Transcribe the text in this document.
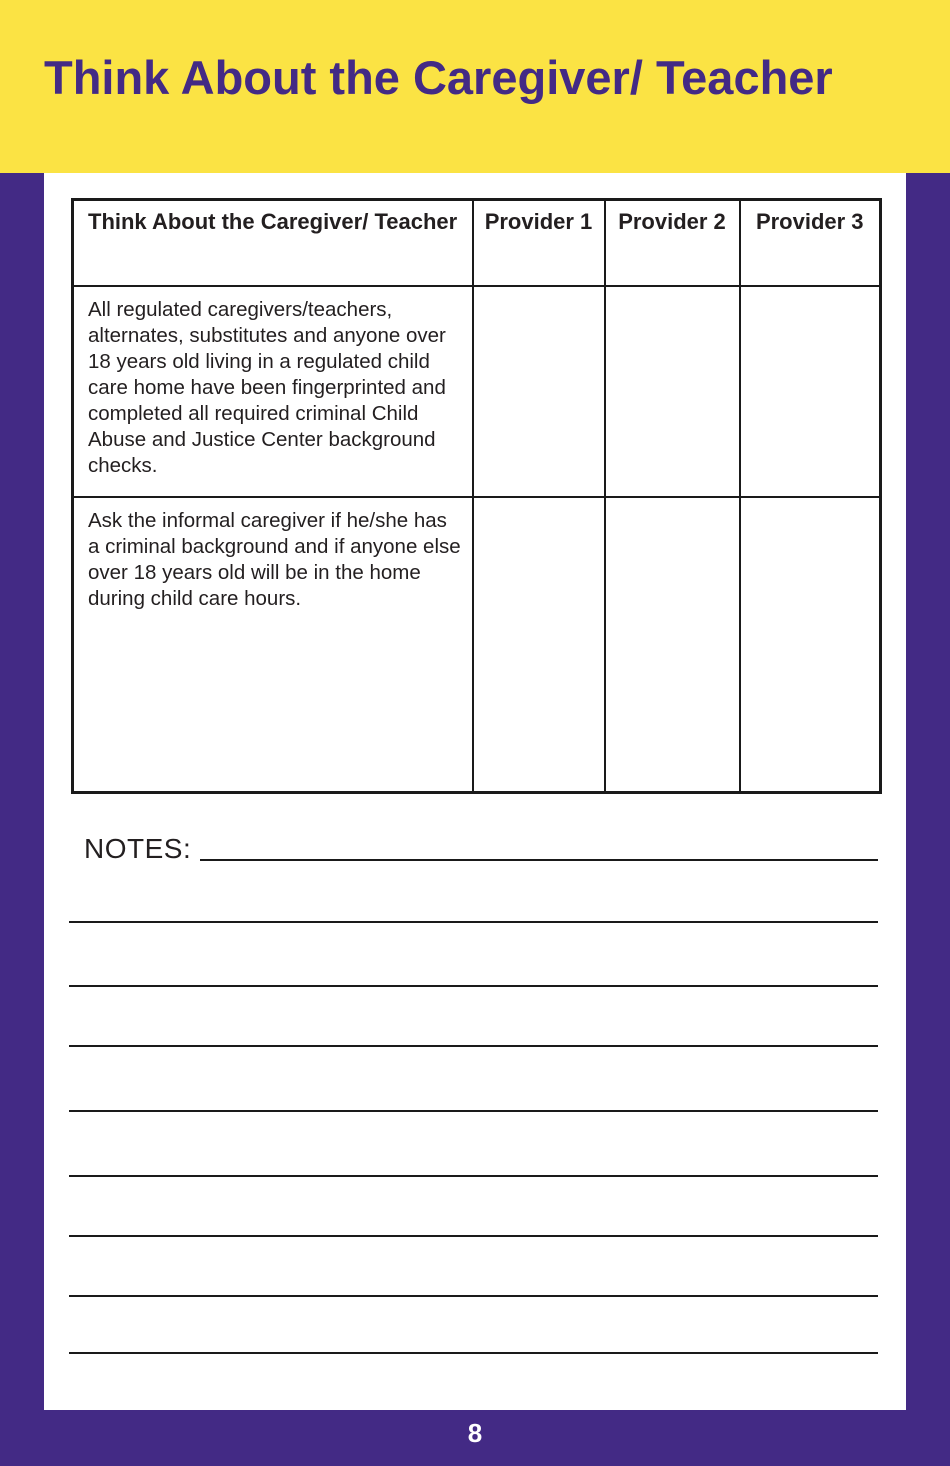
Think About the Caregiver/ Teacher
Think About the Caregiver/ Teacher	Provider 1	Provider 2	Provider 3
All regulated caregivers/teachers, alternates, substitutes and anyone over 18 years old living in a regulated child care home have been fingerprinted and completed all required criminal Child Abuse and Justice Center background checks.			
Ask the informal caregiver if he/she has a criminal background and if anyone else over 18 years old will be in the home during child care hours.			
NOTES:
8
